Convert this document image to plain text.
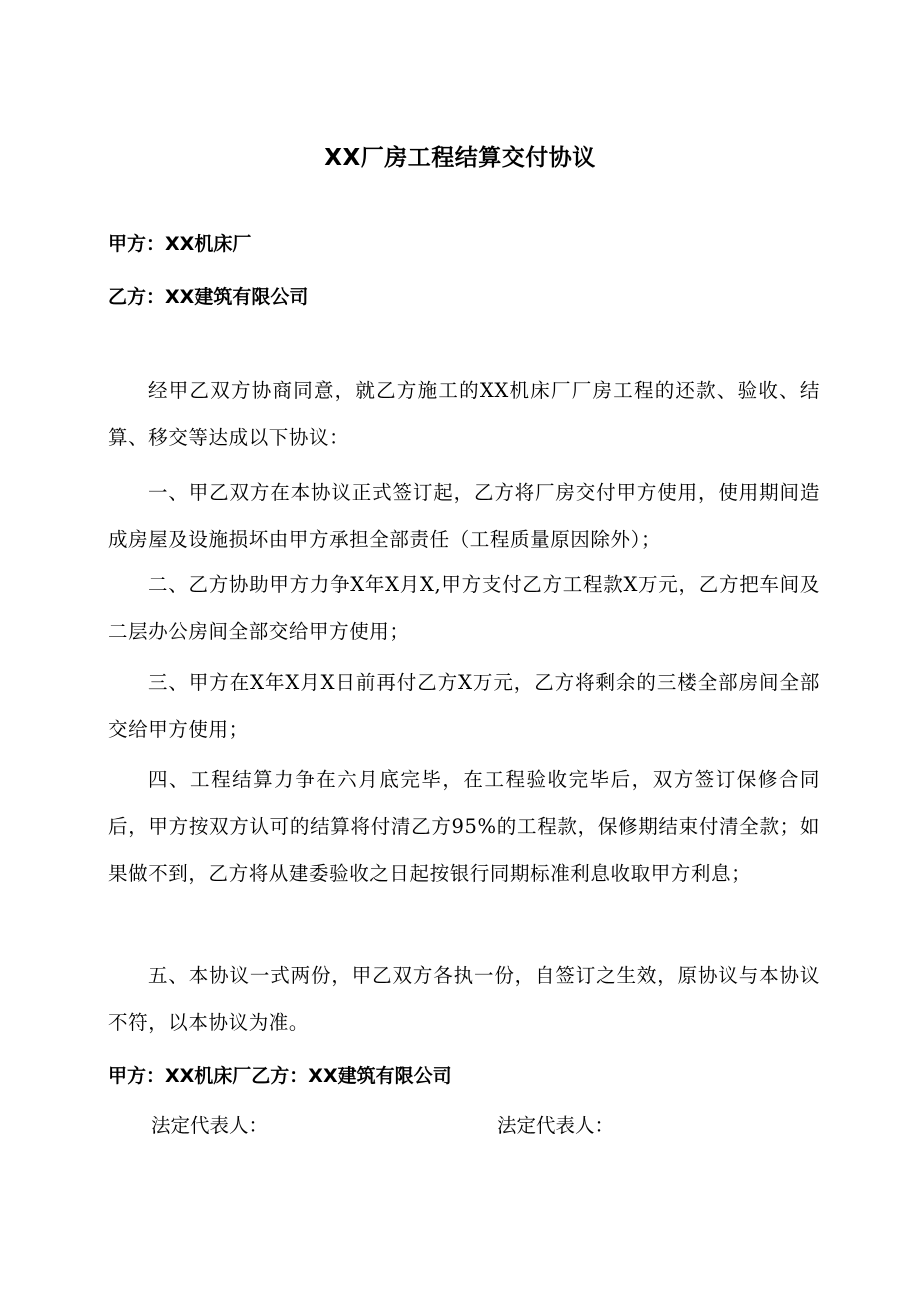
XX厂房工程结算交付协议
甲方：XX机床厂
乙方：XX建筑有限公司
经甲乙双方协商同意，就乙方施工的XX机床厂厂房工程的还款、验收、结算、移交等达成以下协议：
一、甲乙双方在本协议正式签订起，乙方将厂房交付甲方使用，使用期间造成房屋及设施损坏由甲方承担全部责任（工程质量原因除外）；
二、乙方协助甲方力争X年X月X,甲方支付乙方工程款X万元，乙方把车间及二层办公房间全部交给甲方使用；
三、甲方在X年X月X日前再付乙方X万元，乙方将剩余的三楼全部房间全部交给甲方使用；
四、工程结算力争在六月底完毕，在工程验收完毕后，双方签订保修合同后，甲方按双方认可的结算将付清乙方95%的工程款，保修期结束付清全款；如果做不到，乙方将从建委验收之日起按银行同期标准利息收取甲方利息；
五、本协议一式两份，甲乙双方各执一份，自签订之生效，原协议与本协议不符，以本协议为准。
甲方：XX机床厂乙方：XX建筑有限公司
法定代表人：	法定代表人：
